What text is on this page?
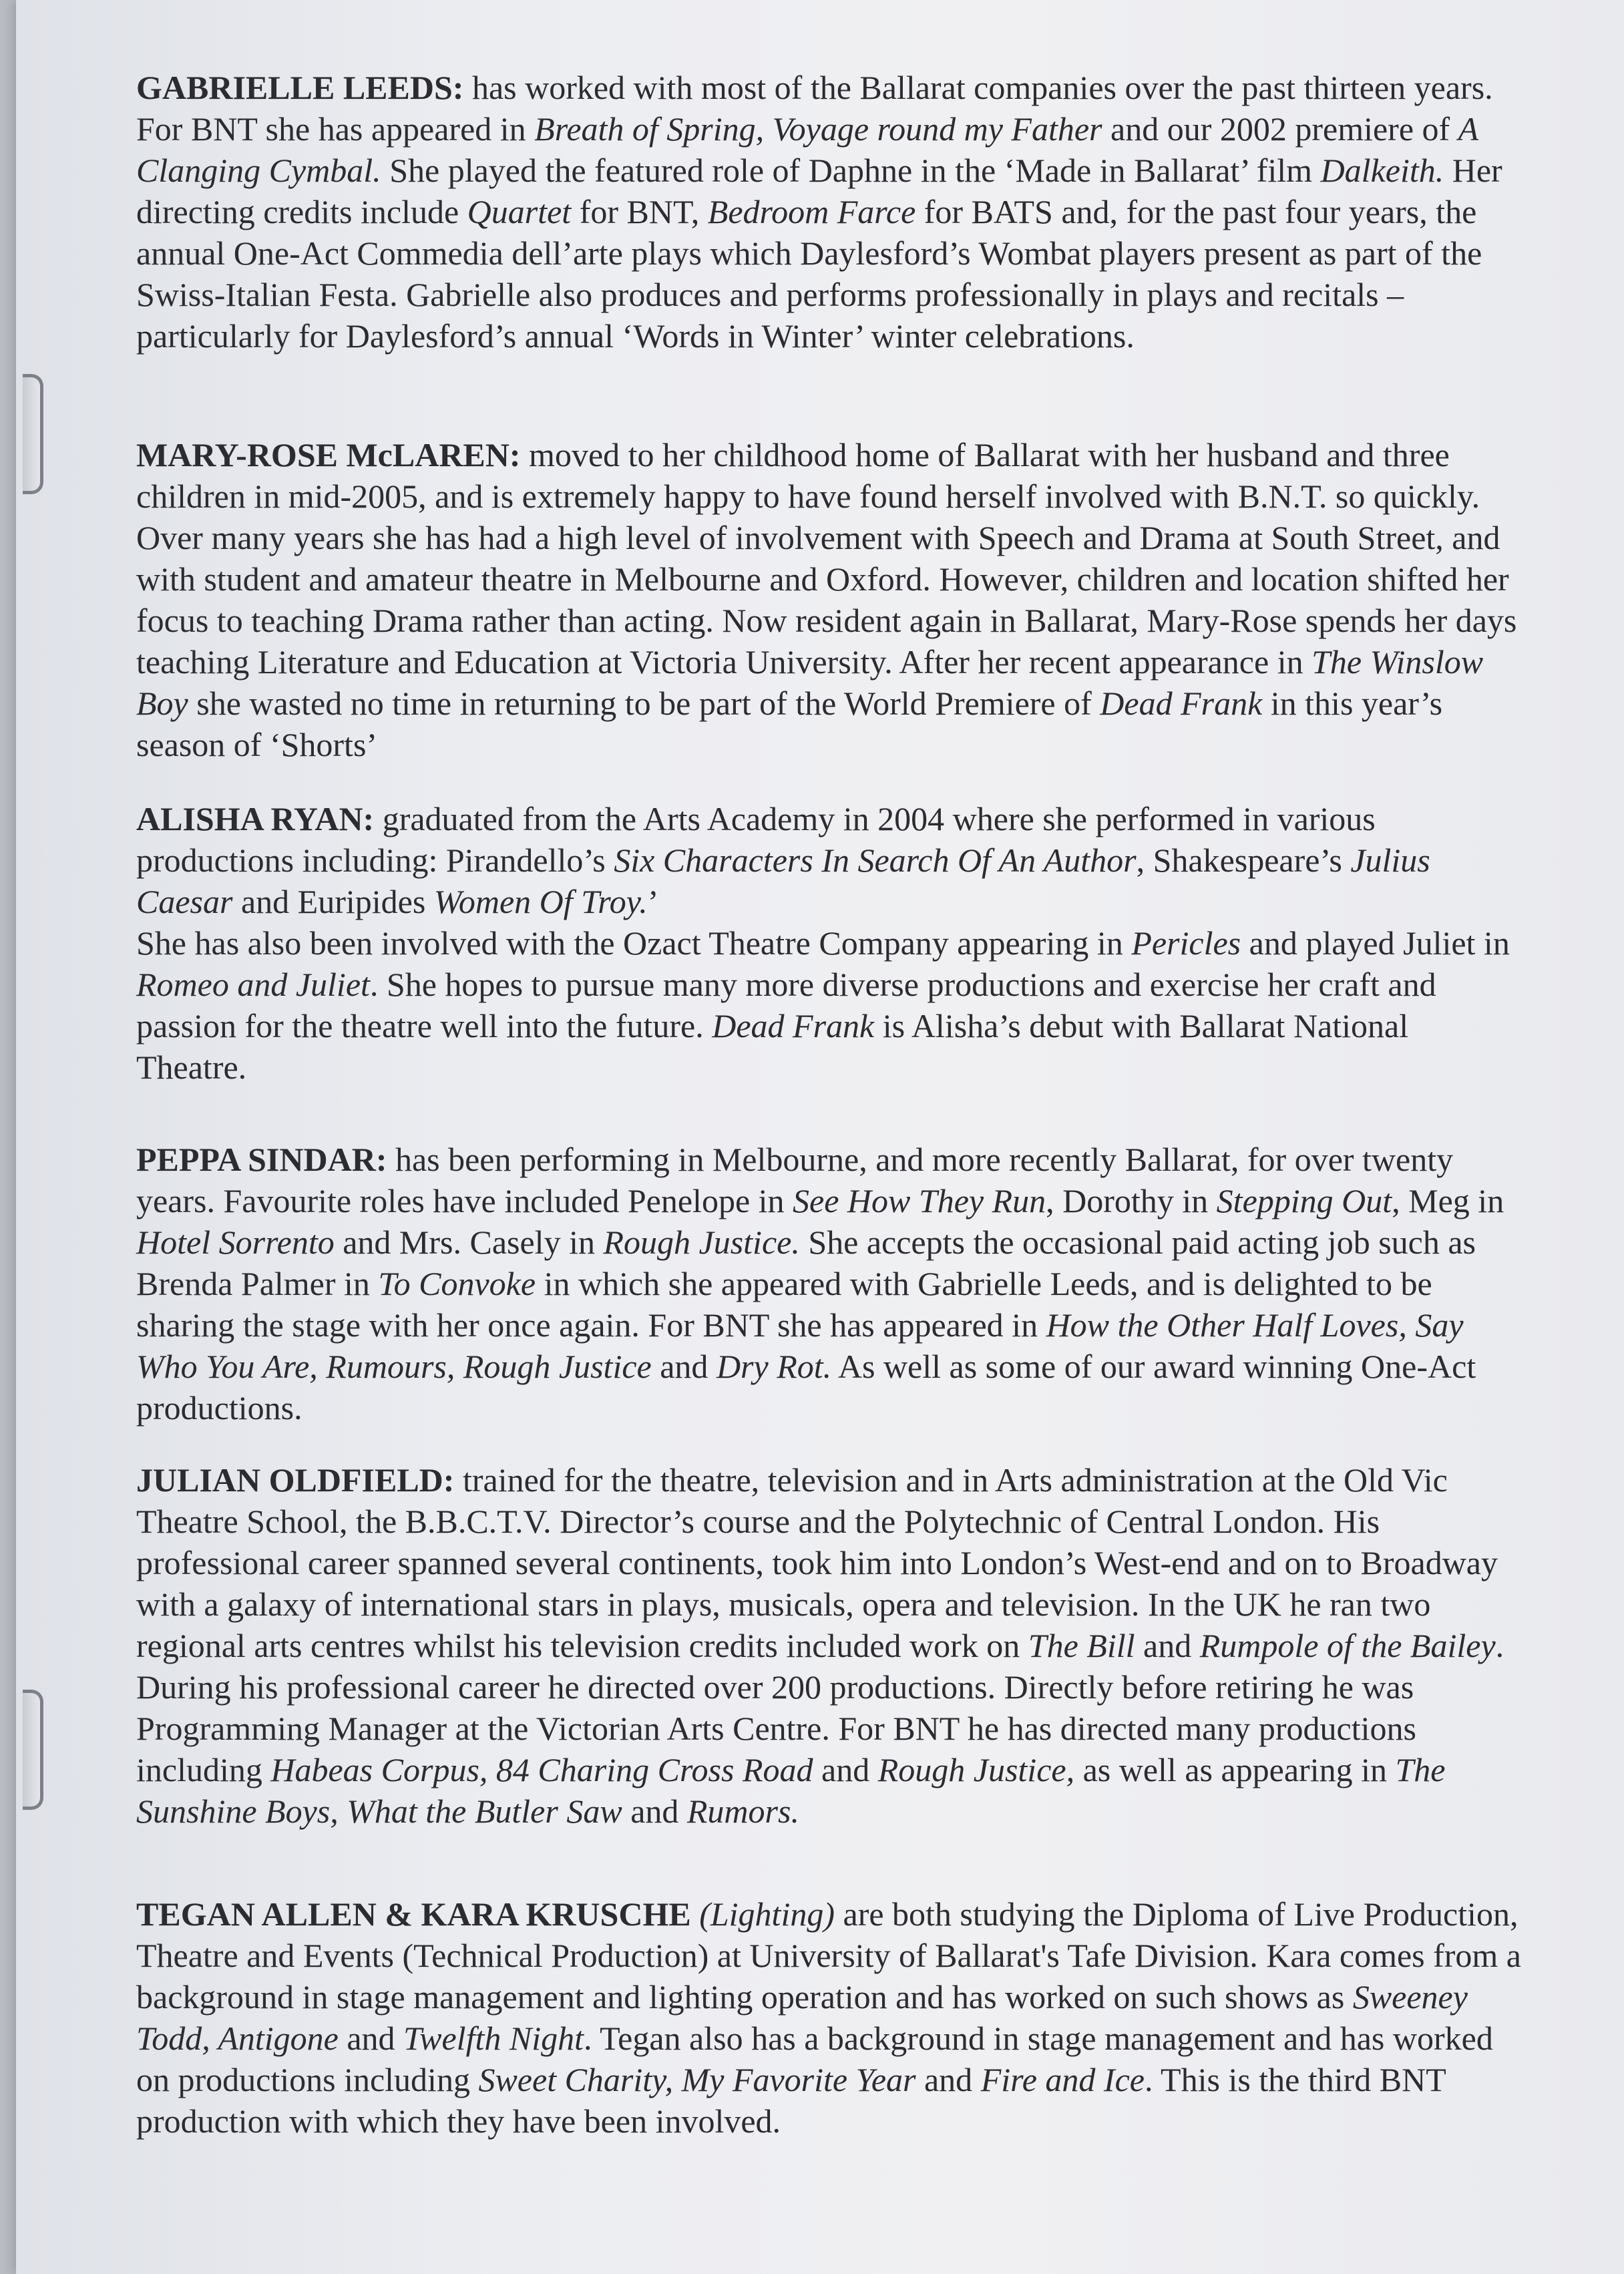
GABRIELLE LEEDS: has worked with most of the Ballarat companies over the past thirteen years. For BNT she has appeared in Breath of Spring, Voyage round my Father and our 2002 premiere of A Clanging Cymbal. She played the featured role of Daphne in the ‘Made in Ballarat’ film Dalkeith. Her directing credits include Quartet for BNT, Bedroom Farce for BATS and, for the past four years, the annual One-Act Commedia dell’arte plays which Daylesford’s Wombat players present as part of the Swiss-Italian Festa. Gabrielle also produces and performs professionally in plays and recitals – particularly for Daylesford’s annual ‘Words in Winter’ winter celebrations.

MARY-ROSE McLAREN: moved to her childhood home of Ballarat with her husband and three children in mid-2005, and is extremely happy to have found herself involved with B.N.T. so quickly. Over many years she has had a high level of involvement with Speech and Drama at South Street, and with student and amateur theatre in Melbourne and Oxford. However, children and location shifted her focus to teaching Drama rather than acting. Now resident again in Ballarat, Mary-Rose spends her days teaching Literature and Education at Victoria University. After her recent appearance in The Winslow Boy she wasted no time in returning to be part of the World Premiere of Dead Frank in this year’s season of ‘Shorts’

ALISHA RYAN: graduated from the Arts Academy in 2004 where she performed in various productions including: Pirandello’s Six Characters In Search Of An Author, Shakespeare’s Julius Caesar and Euripides Women Of Troy.’
She has also been involved with the Ozact Theatre Company appearing in Pericles and played Juliet in Romeo and Juliet. She hopes to pursue many more diverse productions and exercise her craft and passion for the theatre well into the future. Dead Frank is Alisha’s debut with Ballarat National Theatre.

PEPPA SINDAR: has been performing in Melbourne, and more recently Ballarat, for over twenty years. Favourite roles have included Penelope in See How They Run, Dorothy in Stepping Out, Meg in Hotel Sorrento and Mrs. Casely in Rough Justice. She accepts the occasional paid acting job such as Brenda Palmer in To Convoke in which she appeared with Gabrielle Leeds, and is delighted to be sharing the stage with her once again. For BNT she has appeared in How the Other Half Loves, Say Who You Are, Rumours, Rough Justice and Dry Rot. As well as some of our award winning One-Act productions.

JULIAN OLDFIELD: trained for the theatre, television and in Arts administration at the Old Vic Theatre School, the B.B.C.T.V. Director’s course and the Polytechnic of Central London. His professional career spanned several continents, took him into London’s West-end and on to Broadway with a galaxy of international stars in plays, musicals, opera and television. In the UK he ran two regional arts centres whilst his television credits included work on The Bill and Rumpole of the Bailey. During his professional career he directed over 200 productions. Directly before retiring he was Programming Manager at the Victorian Arts Centre. For BNT he has directed many productions including Habeas Corpus, 84 Charing Cross Road and Rough Justice, as well as appearing in The Sunshine Boys, What the Butler Saw and Rumors.

TEGAN ALLEN & KARA KRUSCHE (Lighting) are both studying the Diploma of Live Production, Theatre and Events (Technical Production) at University of Ballarat's Tafe Division. Kara comes from a background in stage management and lighting operation and has worked on such shows as Sweeney Todd, Antigone and Twelfth Night. Tegan also has a background in stage management and has worked on productions including Sweet Charity, My Favorite Year and Fire and Ice. This is the third BNT production with which they have been involved.
